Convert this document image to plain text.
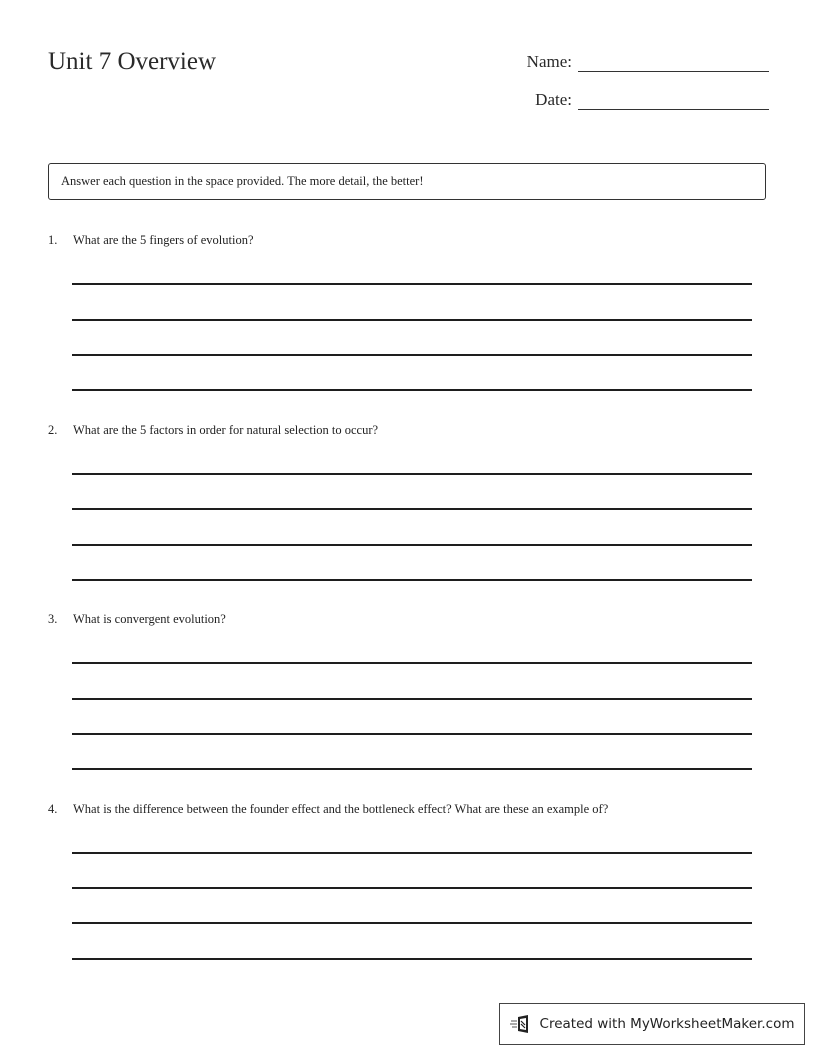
Unit 7 Overview	Name:
Date:
Answer each question in the space provided. The more detail, the better!
1. What are the 5 fingers of evolution?
2. What are the 5 factors in order for natural selection to occur?
3. What is convergent evolution?
4. What is the difference between the founder effect and the bottleneck effect? What are these an example of?
Created with MyWorksheetMaker.com
